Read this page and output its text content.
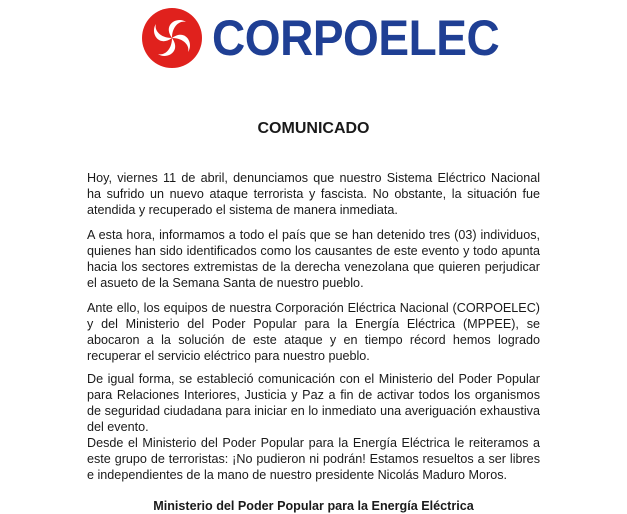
CORPOELEC
COMUNICADO

Hoy, viernes 11 de abril, denunciamos que nuestro Sistema Eléctrico Nacional ha sufrido un nuevo ataque terrorista y fascista. No obstante, la situación fue atendida y recuperado el sistema de manera inmediata.

A esta hora, informamos a todo el país que se han detenido tres (03) individuos, quienes han sido identificados como los causantes de este evento y todo apunta hacia los sectores extremistas de la derecha venezolana que quieren perjudicar el asueto de la Semana Santa de nuestro pueblo.

Ante ello, los equipos de nuestra Corporación Eléctrica Nacional (CORPOELEC) y del Ministerio del Poder Popular para la Energía Eléctrica (MPPEE), se abocaron a la solución de este ataque y en tiempo récord hemos logrado recuperar el servicio eléctrico para nuestro pueblo.

De igual forma, se estableció comunicación con el Ministerio del Poder Popular para Relaciones Interiores, Justicia y Paz a fin de activar todos los organismos de seguridad ciudadana para iniciar en lo inmediato una averiguación exhaustiva del evento.

Desde el Ministerio del Poder Popular para la Energía Eléctrica le reiteramos a este grupo de terroristas: ¡No pudieron ni podrán! Estamos resueltos a ser libres e independientes de la mano de nuestro presidente Nicolás Maduro Moros.

Ministerio del Poder Popular para la Energía Eléctrica
